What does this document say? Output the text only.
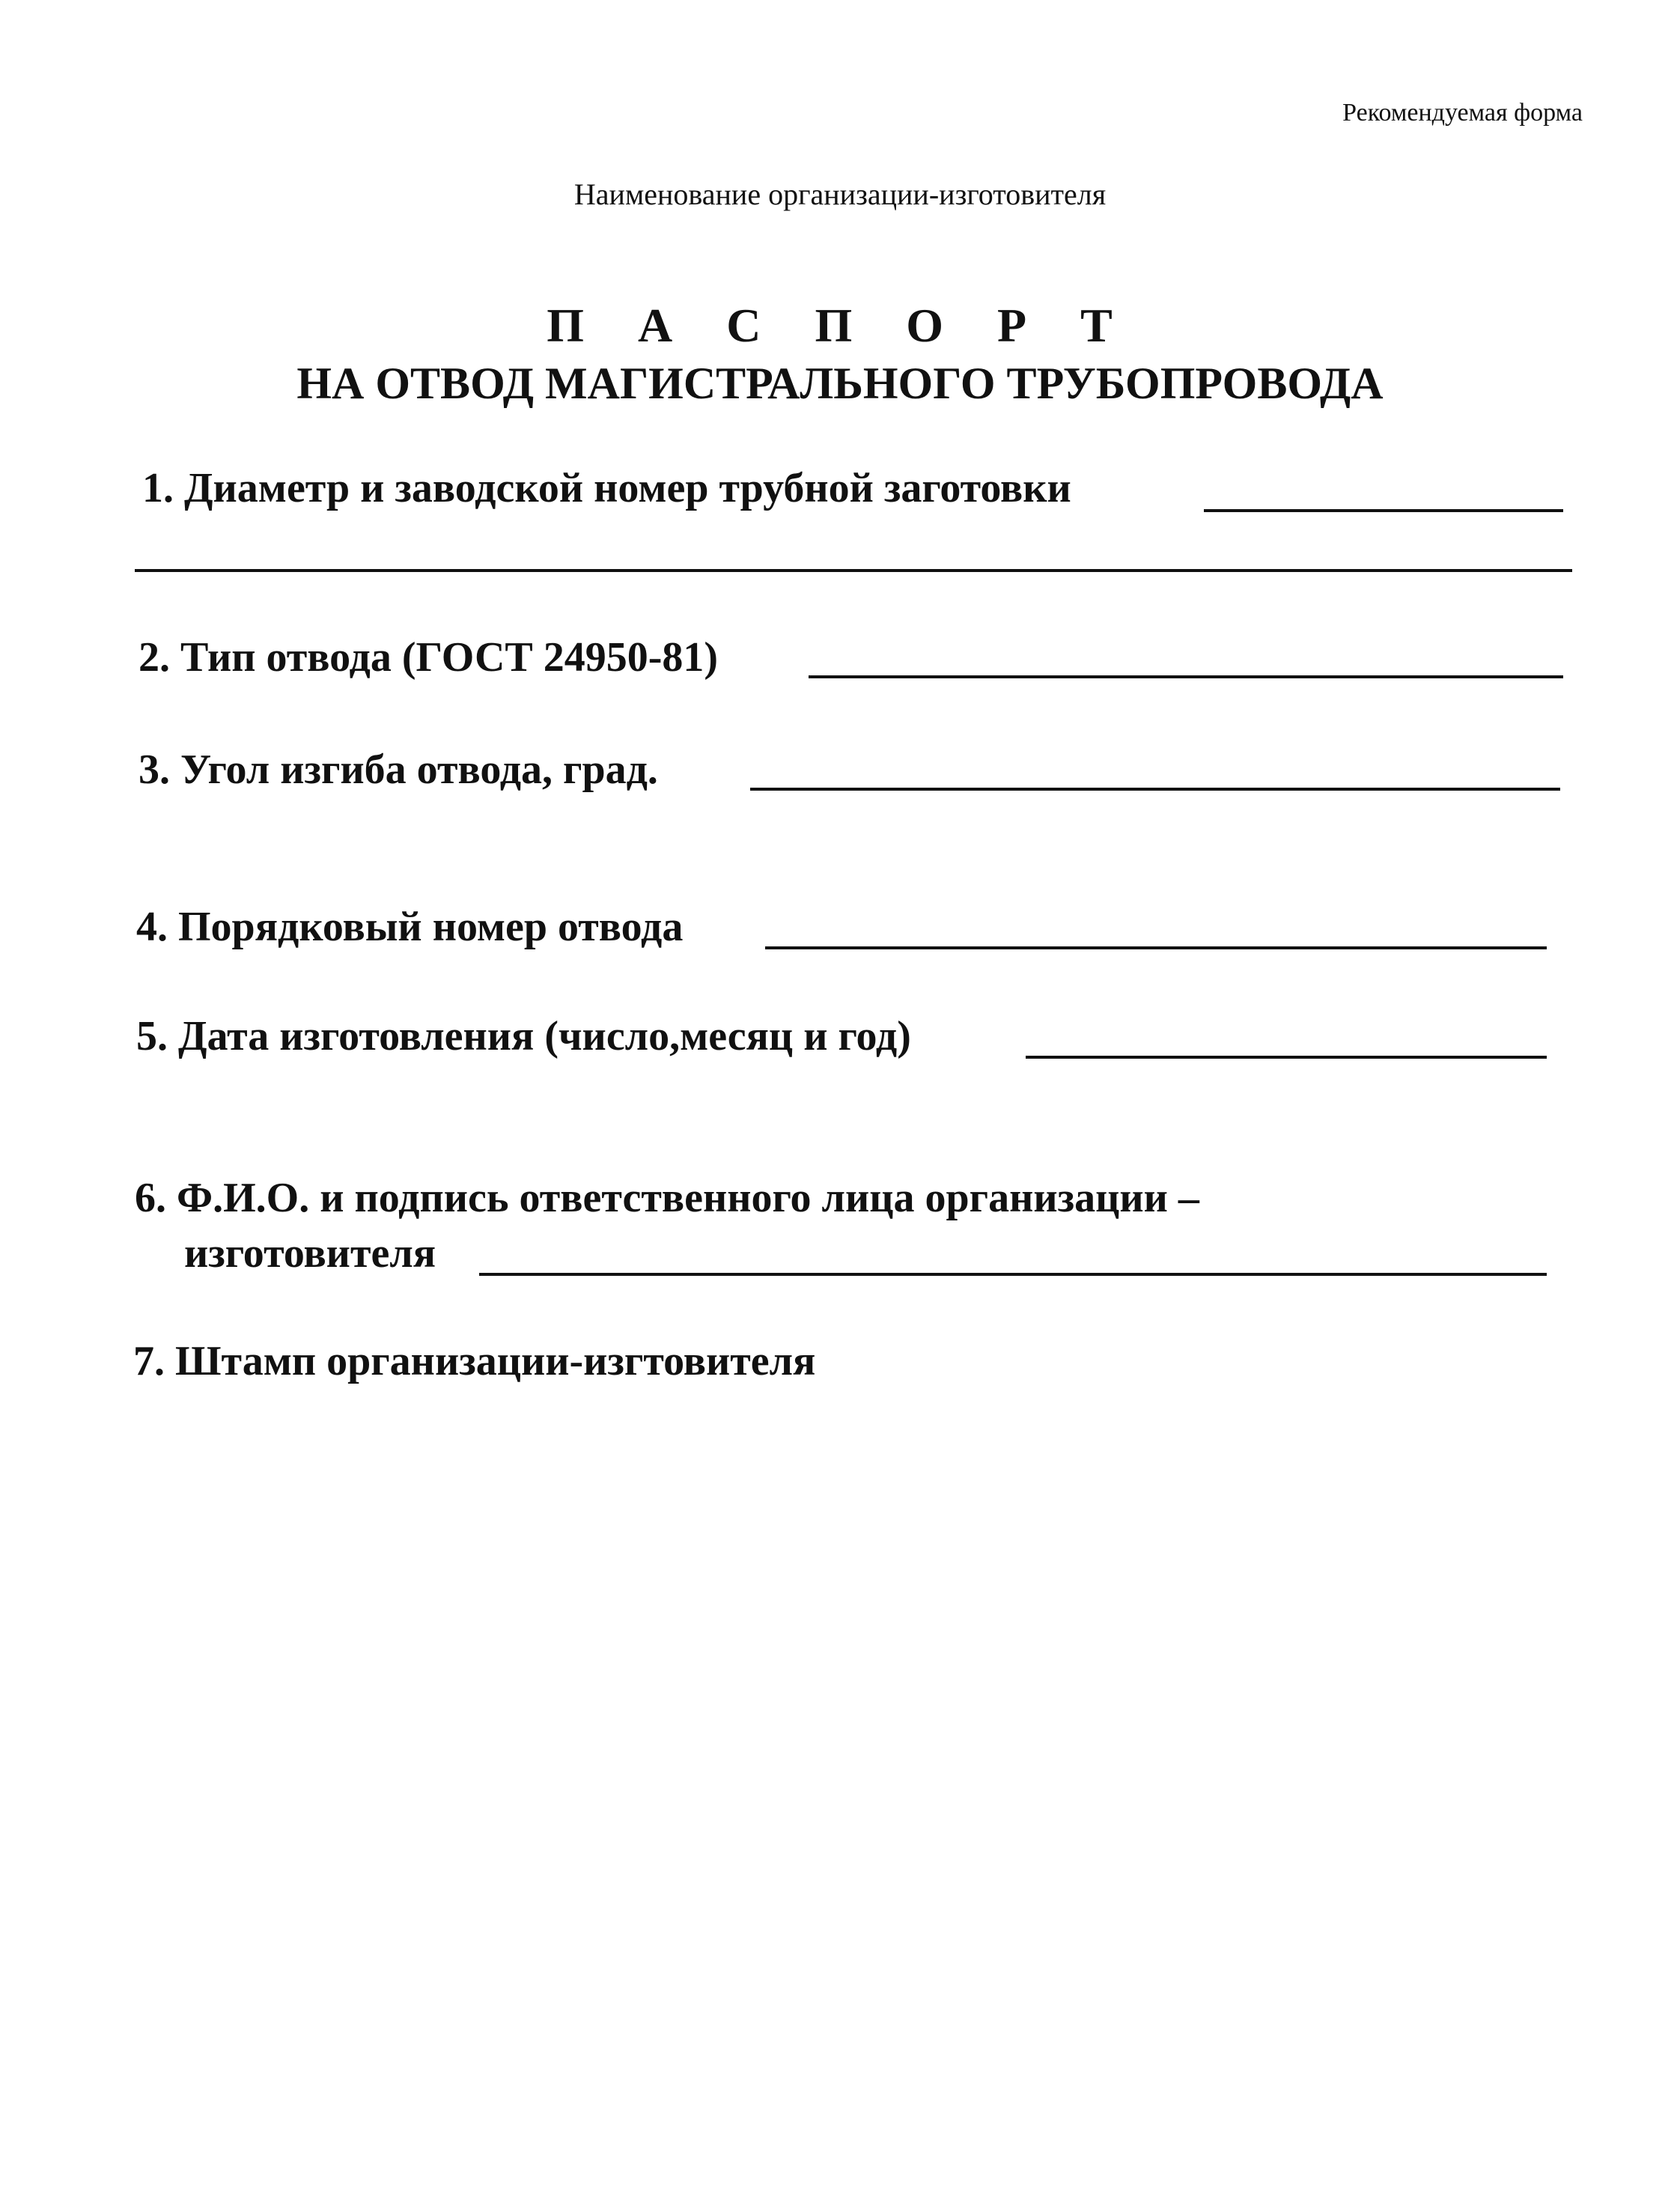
Рекомендуемая форма
Наименование организации-изготовителя
П А С П О Р Т
НА ОТВОД МАГИСТРАЛЬНОГО ТРУБОПРОВОДА
1. Диаметр и заводской номер трубной заготовки
2. Тип отвода (ГОСТ 24950-81)
3. Угол изгиба отвода, град.
4. Порядковый номер отвода
5. Дата изготовления (число,месяц и год)
6. Ф.И.О. и подпись ответственного лица организации –
изготовителя
7. Штамп организации-изгтовителя
